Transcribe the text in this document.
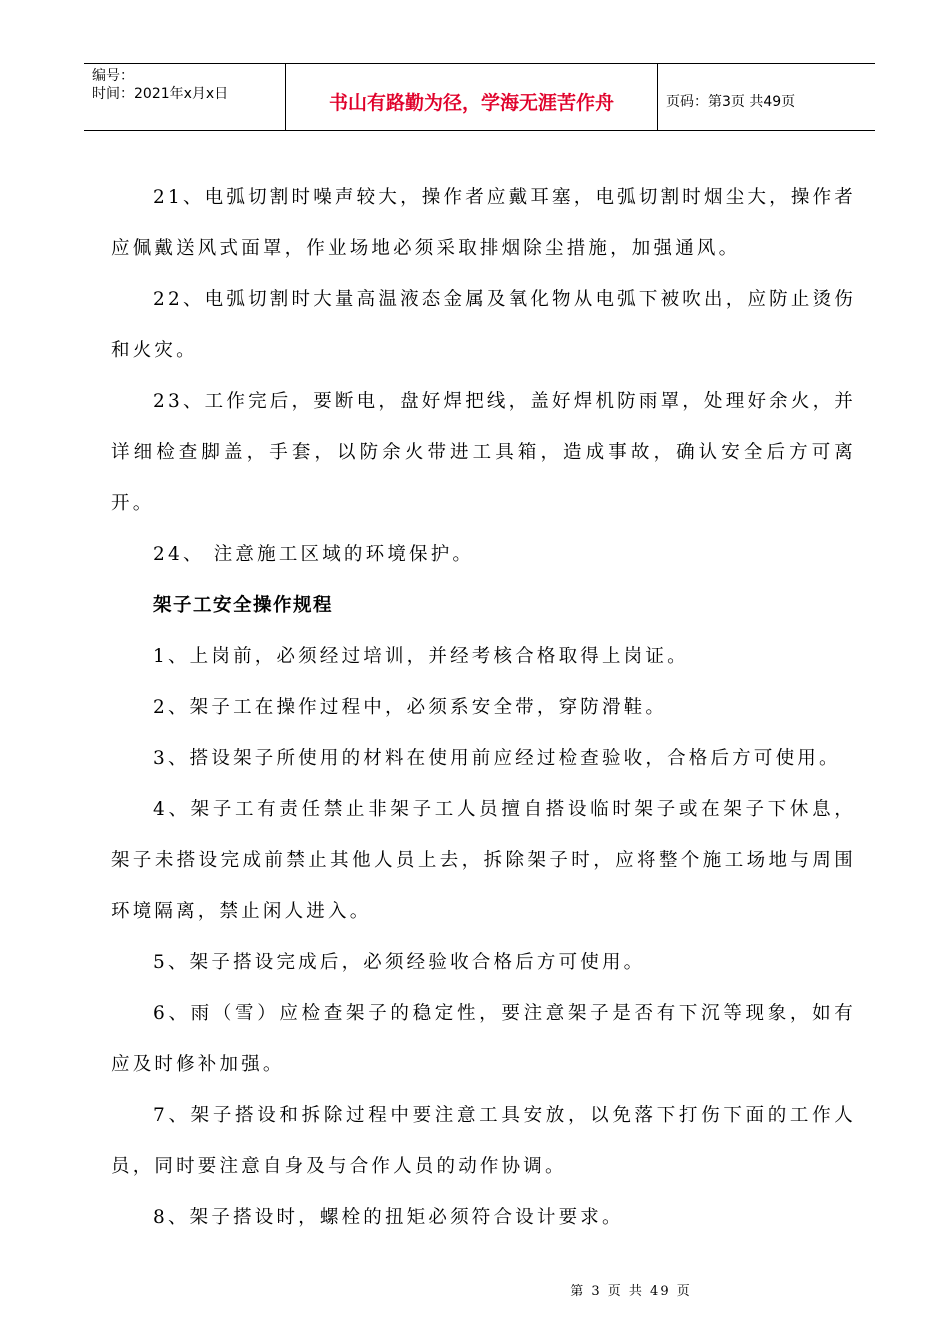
编号：
时间：2021年x月x日	书山有路勤为径，学海无涯苦作舟	页码：第3页 共49页

21、电弧切割时噪声较大，操作者应戴耳塞，电弧切割时烟尘大，操作者应佩戴送风式面罩，作业场地必须采取排烟除尘措施，加强通风。

22、电弧切割时大量高温液态金属及氧化物从电弧下被吹出，应防止烫伤和火灾。

23、工作完后，要断电，盘好焊把线，盖好焊机防雨罩，处理好余火，并详细检查脚盖，手套，以防余火带进工具箱，造成事故，确认安全后方可离开。

24、 注意施工区域的环境保护。

架子工安全操作规程

1、上岗前，必须经过培训，并经考核合格取得上岗证。

2、架子工在操作过程中，必须系安全带，穿防滑鞋。

3、搭设架子所使用的材料在使用前应经过检查验收，合格后方可使用。

4、架子工有责任禁止非架子工人员擅自搭设临时架子或在架子下休息，架子未搭设完成前禁止其他人员上去，拆除架子时，应将整个施工场地与周围环境隔离，禁止闲人进入。

5、架子搭设完成后，必须经验收合格后方可使用。

6、雨（雪）应检查架子的稳定性，要注意架子是否有下沉等现象，如有应及时修补加强。

7、架子搭设和拆除过程中要注意工具安放，以免落下打伤下面的工作人员，同时要注意自身及与合作人员的动作协调。

8、架子搭设时，螺栓的扭矩必须符合设计要求。

第 3 页 共 49 页
